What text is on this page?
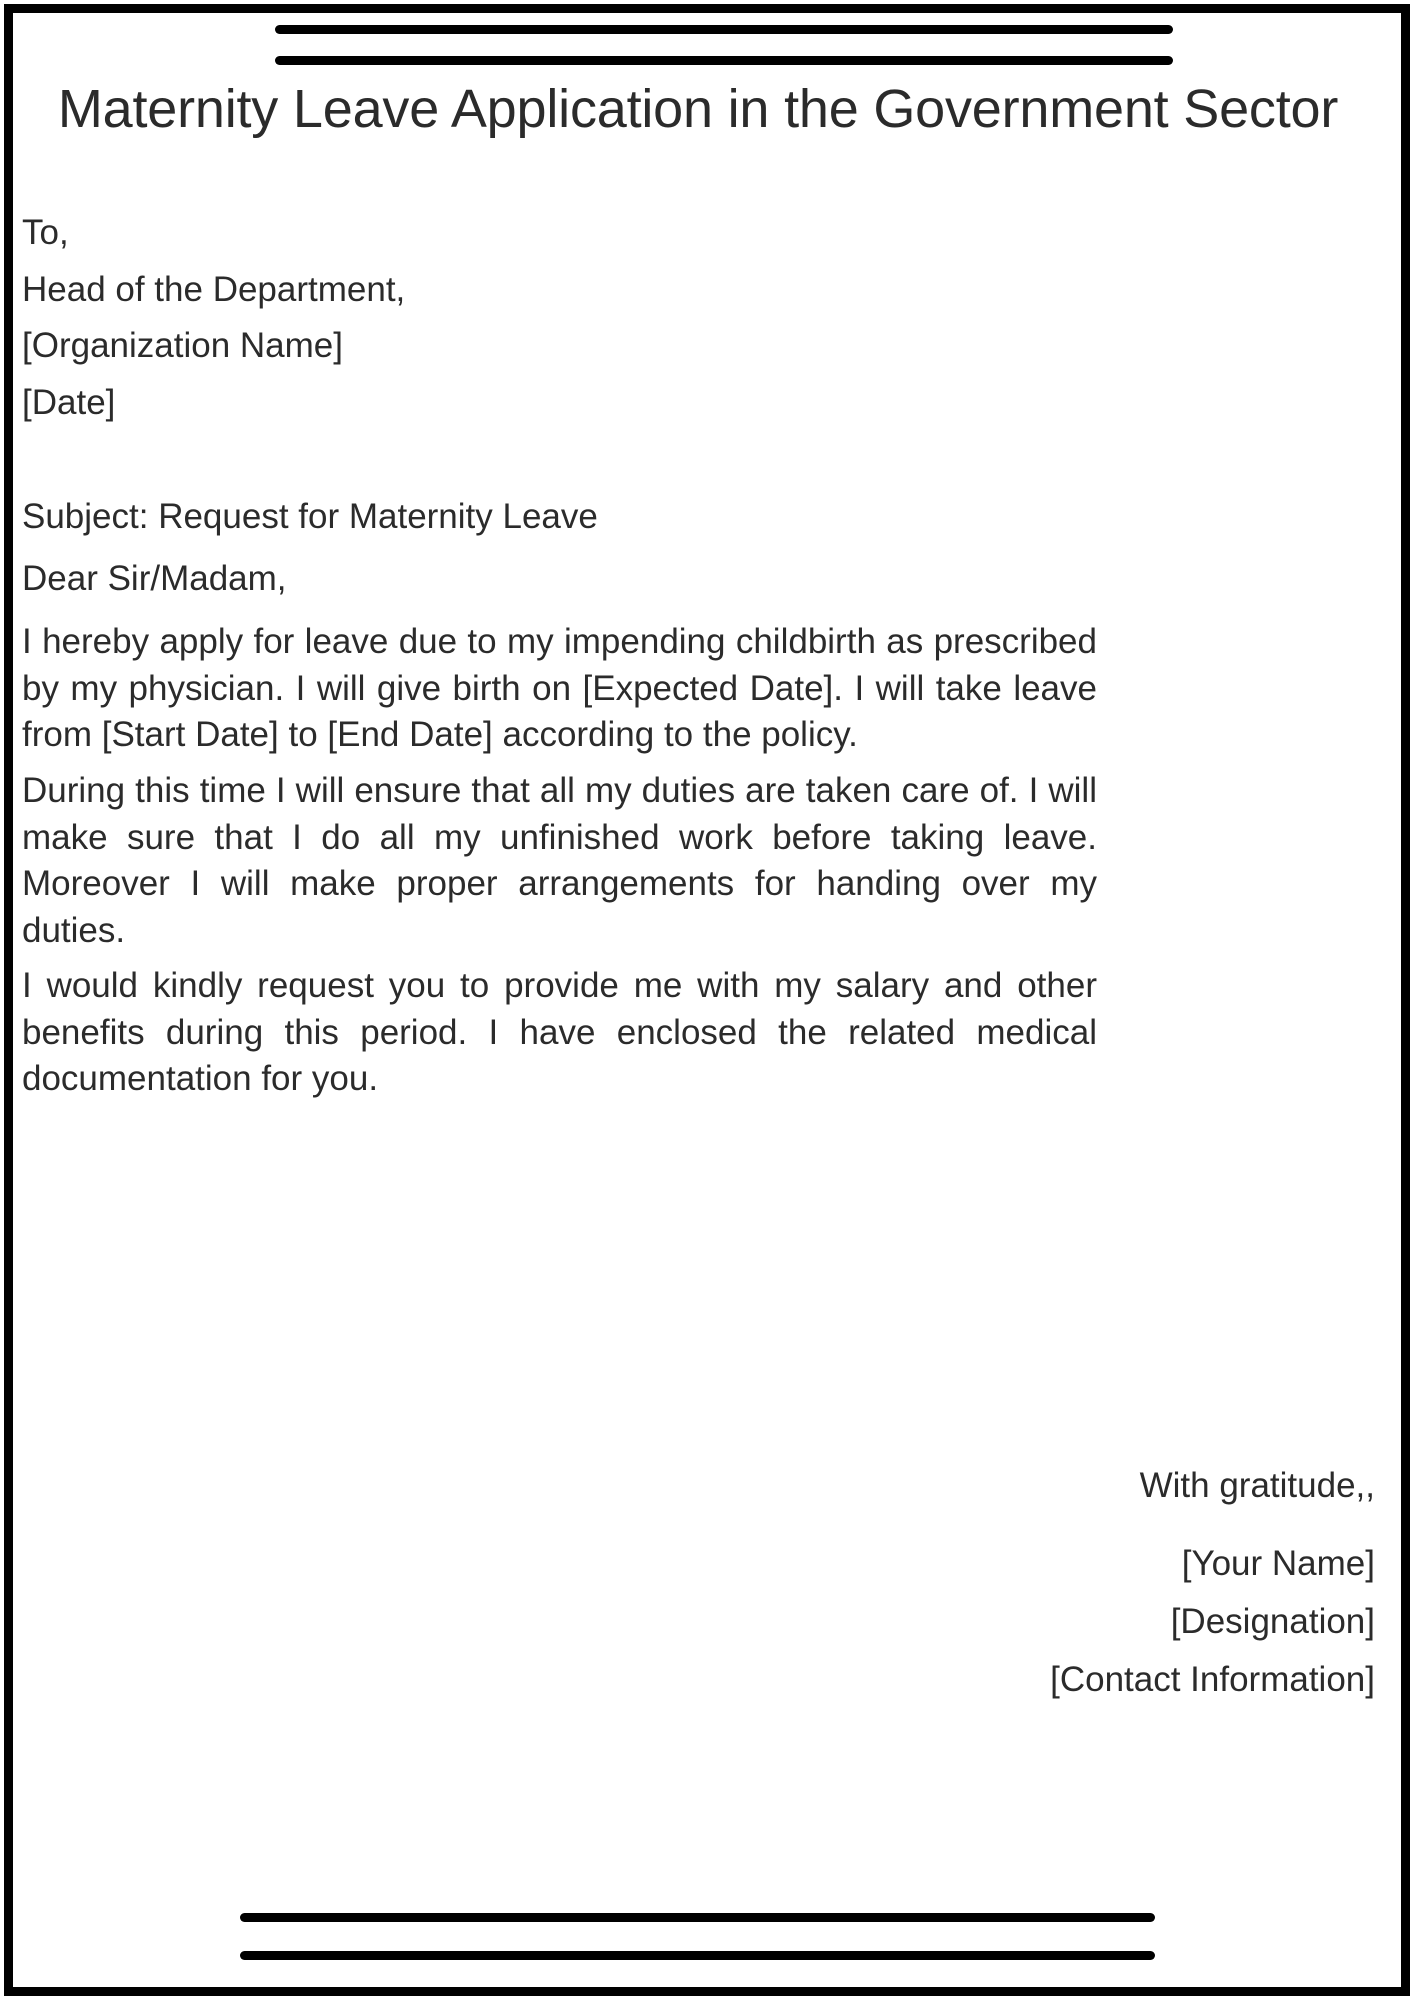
Maternity Leave Application in the Government Sector
To,
Head of the Department,
[Organization Name]
[Date]
Subject: Request for Maternity Leave
Dear Sir/Madam,

I hereby apply for leave due to my impending childbirth as prescribed by my physician. I will give birth on [Expected Date]. I will take leave from [Start Date] to [End Date] according to the policy.

During this time I will ensure that all my duties are taken care of. I will make sure that I do all my unfinished work before taking leave. Moreover I will make proper arrangements for handing over my duties.

I would kindly request you to provide me with my salary and other benefits during this period. I have enclosed the related medical documentation for you.

With gratitude,,
[Your Name]
[Designation]
[Contact Information]
